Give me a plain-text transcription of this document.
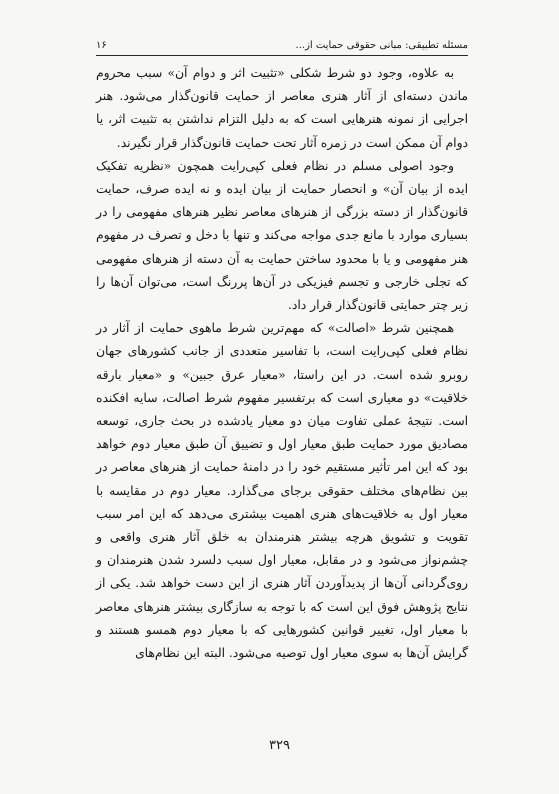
مسئله تطبیقی: مبانی حقوقی حمایت از...
۱۶

به علاوه، وجود دو شرط شکلی «تثبیت اثر و دوام آن» سبب محروم ماندن دسته‌ای از آثار هنری معاصر از حمایت قانون‌گذار می‌شود. هنر اجرایی از نمونه هنرهایی است که به دلیل التزام نداشتن به تثبیت اثر، یا دوام آن ممکن است در زمره آثار تحت حمایت قانون‌گذار قرار نگیرند.

وجود اصولی مسلم در نظام فعلی کپی‌رایت همچون «نظریه تفکیک ایده از بیان آن» و انحصار حمایت از بیان ایده و نه ایده صرف، حمایت قانون‌گذار از دسته بزرگی از هنرهای معاصر نظیر هنرهای مفهومی را در بسیاری موارد با مانع جدی مواجه می‌کند و تنها با دخل و تصرف در مفهوم هنر مفهومی و یا با محدود ساختن حمایت به آن دسته از هنرهای مفهومی که تجلی خارجی و تجسم فیزیکی در آن‌ها پررنگ است، می‌توان آن‌ها را زیر چتر حمایتی قانون‌گذار قرار داد.

همچنین شرط «اصالت» که مهم‌ترین شرط ماهوی حمایت از آثار در نظام فعلی کپی‌رایت است، با تفاسیر متعددی از جانب کشورهای جهان روبرو شده است. در این راستا، «معیار عرق جبین» و «معیار بارقه خلاقیت» دو معیاری است که برتفسیر مفهوم شرط اصالت، سایه افکنده است. نتیجهٔ عملی تفاوت میان دو معیار یادشده در بحث جاری، توسعه مصادیق مورد حمایت طبق معیار اول و تضییق آن طبق معیار دوم خواهد بود که این امر تأثیر مستقیم خود را در دامنهٔ حمایت از هنرهای معاصر در بین نظام‌های مختلف حقوقی برجای می‌گذارد. معیار دوم در مقایسه با معیار اول به خلاقیت‌های هنری اهمیت بیشتری می‌دهد که این امر سبب تقویت و تشویق هرچه بیشتر هنرمندان به خلق آثار هنری واقعی و چشم‌نواز می‌شود و در مقابل، معیار اول سبب دلسرد شدن هنرمندان و روی‌گردانی آن‌ها از پدیدآوردن آثار هنری از این دست خواهد شد. یکی از نتایج پژوهش فوق این است که با توجه به سازگاری بیشتر هنرهای معاصر با معیار اول، تغییر قوانین کشورهایی که با معیار دوم همسو هستند و گرایش آن‌ها به سوی معیار اول توصیه می‌شود. البته این نظام‌های

۳۲۹
